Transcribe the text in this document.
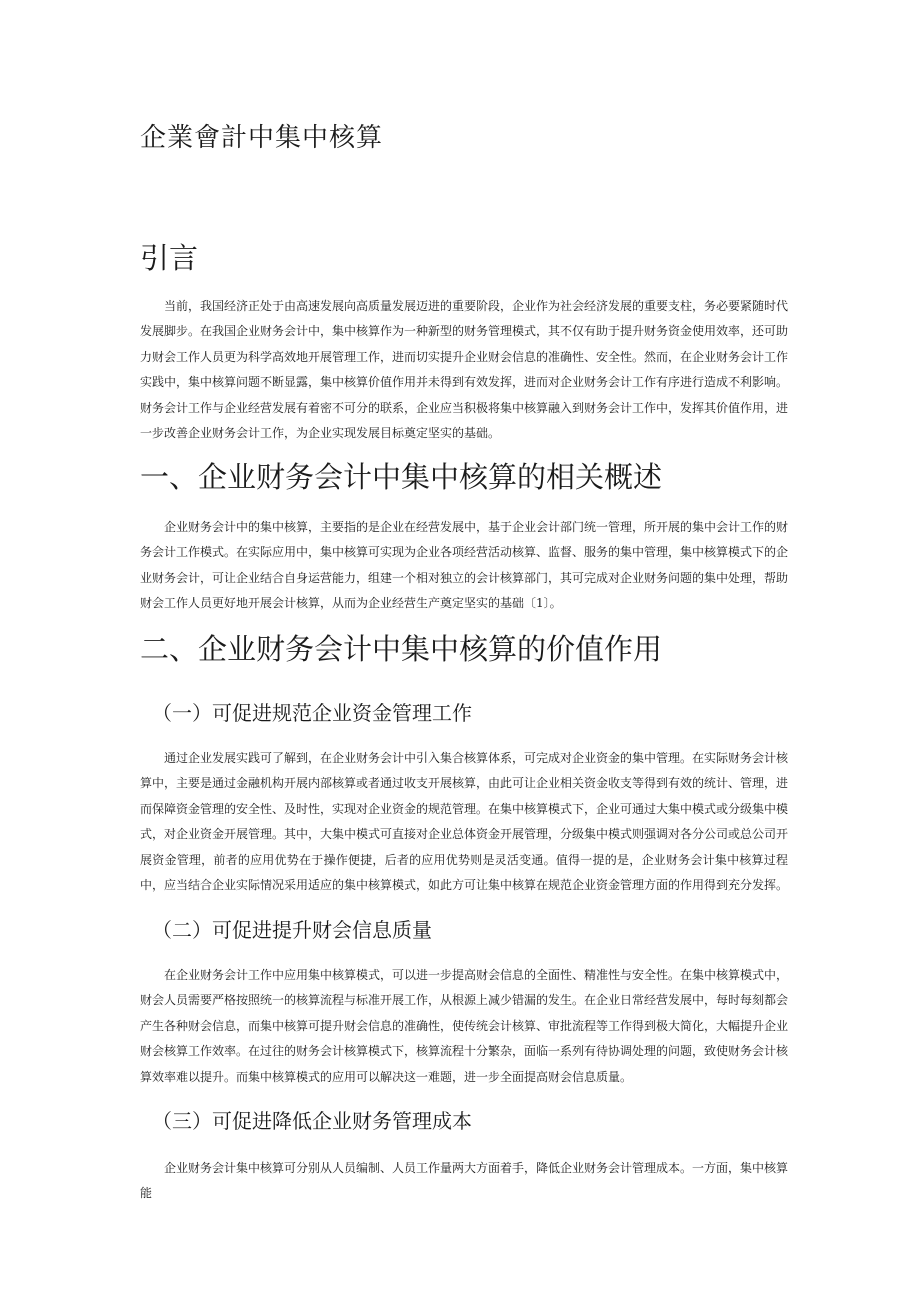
企業會計中集中核算
引言

当前，我国经济正处于由高速发展向高质量发展迈进的重要阶段，企业作为社会经济发展的重要支柱，务必要紧随时代发展脚步。在我国企业财务会计中，集中核算作为一种新型的财务管理模式，其不仅有助于提升财务资金使用效率，还可助力财会工作人员更为科学高效地开展管理工作，进而切实提升企业财会信息的准确性、安全性。然而，在企业财务会计工作实践中，集中核算问题不断显露，集中核算价值作用并未得到有效发挥，进而对企业财务会计工作有序进行造成不利影响。财务会计工作与企业经营发展有着密不可分的联系，企业应当积极将集中核算融入到财务会计工作中，发挥其价值作用，进一步改善企业财务会计工作，为企业实现发展目标奠定坚实的基础。

一、企业财务会计中集中核算的相关概述

企业财务会计中的集中核算，主要指的是企业在经营发展中，基于企业会计部门统一管理，所开展的集中会计工作的财务会计工作模式。在实际应用中，集中核算可实现为企业各项经营活动核算、监督、服务的集中管理，集中核算模式下的企业财务会计，可让企业结合自身运营能力，组建一个相对独立的会计核算部门，其可完成对企业财务问题的集中处理，帮助财会工作人员更好地开展会计核算，从而为企业经营生产奠定坚实的基础〔1〕。

二、企业财务会计中集中核算的价值作用
（一）可促进规范企业资金管理工作

通过企业发展实践可了解到，在企业财务会计中引入集合核算体系，可完成对企业资金的集中管理。在实际财务会计核算中，主要是通过金融机构开展内部核算或者通过收支开展核算，由此可让企业相关资金收支等得到有效的统计、管理，进而保障资金管理的安全性、及时性，实现对企业资金的规范管理。在集中核算模式下，企业可通过大集中模式或分级集中模式，对企业资金开展管理。其中，大集中模式可直接对企业总体资金开展管理，分级集中模式则强调对各分公司或总公司开展资金管理，前者的应用优势在于操作便捷，后者的应用优势则是灵活变通。值得一提的是，企业财务会计集中核算过程中，应当结合企业实际情况采用适应的集中核算模式，如此方可让集中核算在规范企业资金管理方面的作用得到充分发挥。

（二）可促进提升财会信息质量

在企业财务会计工作中应用集中核算模式，可以进一步提高财会信息的全面性、精准性与安全性。在集中核算模式中，财会人员需要严格按照统一的核算流程与标准开展工作，从根源上减少错漏的发生。在企业日常经营发展中，每时每刻都会产生各种财会信息，而集中核算可提升财会信息的准确性，使传统会计核算、审批流程等工作得到极大简化，大幅提升企业财会核算工作效率。在过往的财务会计核算模式下，核算流程十分繁杂，面临一系列有待协调处理的问题，致使财务会计核算效率难以提升。而集中核算模式的应用可以解决这一难题，进一步全面提高财会信息质量。

（三）可促进降低企业财务管理成本

企业财务会计集中核算可分别从人员编制、人员工作量两大方面着手，降低企业财务会计管理成本。一方面，集中核算能
